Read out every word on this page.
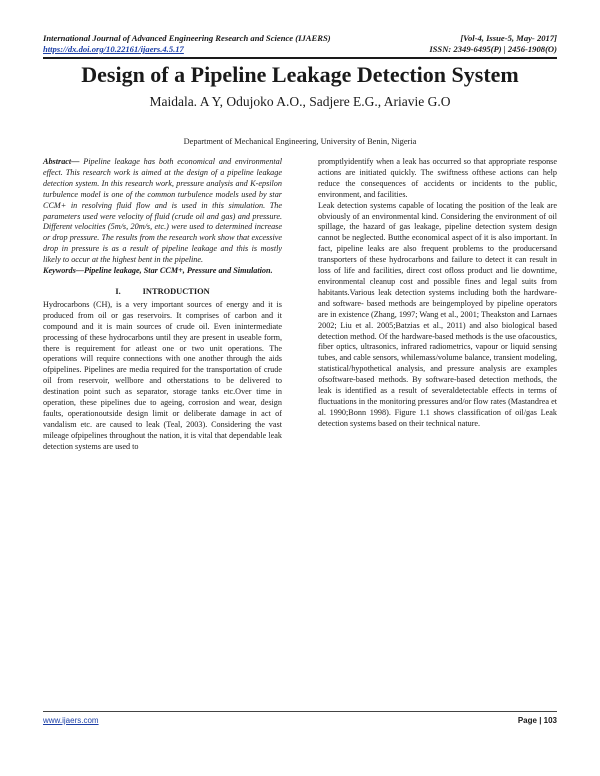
International Journal of Advanced Engineering Research and Science (IJAERS)
https://dx.doi.org/10.22161/ijaers.4.5.17
[Vol-4, Issue-5, May- 2017]
ISSN: 2349-6495(P) | 2456-1908(O)
Design of a Pipeline Leakage Detection System
Maidala. A Y, Odujoko A.O., Sadjere E.G., Ariavie G.O
Department of Mechanical Engineering, University of Benin, Nigeria

Abstract— Pipeline leakage has both economical and environmental effect. This research work is aimed at the design of a pipeline leakage detection system. In this research work, pressure analysis and K-epsilon turbulence model is one of the common turbulence models used by star CCM+ in resolving fluid flow and is used in this simulation. The parameters used were velocity of fluid (crude oil and gas) and pressure. Different velocities (5m/s, 20m/s, etc.) were used to determined increase or drop pressure. The results from the research work show that excessive drop in pressure is as a result of pipeline leakage and this is mostly likely to occur at the highest bent in the pipeline.

Keywords—Pipeline leakage, Star CCM+, Pressure and Simulation.

I.	INTRODUCTION

Hydrocarbons (CH), is a very important sources of energy and it is produced from oil or gas reservoirs. It comprises of carbon and it compound and it is main sources of crude oil. Even inintermediate processing of these hydrocarbons until they are present in useable form, there is requirement for atleast one or two unit operations. The operations will require connections with one another through the aids ofpipelines. Pipelines are media required for the transportation of crude oil from reservoir, wellbore and otherstations to be delivered to destination point such as separator, storage tanks etc.Over time in operation, these pipelines due to ageing, corrosion and wear, design faults, operationoutside design limit or deliberate damage in act of vandalism etc. are caused to leak (Teal, 2003). Considering the vast mileage ofpipelines throughout the nation, it is vital that dependable leak detection systems are used to

promptlyidentify when a leak has occurred so that appropriate response actions are initiated quickly. The swiftness ofthese actions can help reduce the consequences of accidents or incidents to the public, environment, and facilities.

Leak detection systems capable of locating the position of the leak are obviously of an environmental kind. Considering the environment of oil spillage, the hazard of gas leakage, pipeline detection system design cannot be neglected. Butthe economical aspect of it is also important. In fact, pipeline leaks are also frequent problems to the producersand transporters of these hydrocarbons and failure to detect it can result in loss of life and facilities, direct cost ofloss product and lie downtime, environmental cleanup cost and possible fines and legal suits from habitants.Various leak detection systems including both the hardware- and software- based methods are beingemployed by pipeline operators are in existence (Zhang, 1997; Wang et al., 2001; Theakston and Larnaes 2002; Liu et al. 2005;Batzias et al., 2011) and also biological based detection method. Of the hardware-based methods is the use ofacoustics, fiber optics, ultrasonics, infrared radiometrics, vapour or liquid sensing tubes, and cable sensors, whilemass/volume balance, transient modeling, statistical/hypothetical analysis, and pressure analysis are examples ofsoftware-based methods. By software-based detection methods, the leak is identified as a result of severaldetectable effects in terms of fluctuations in the monitoring pressures and/or flow rates (Mastandrea et al. 1990;Bonn 1998). Figure 1.1 shows classification of oil/gas Leak detection systems based on their technical nature.

www.ijaers.com	Page | 103
